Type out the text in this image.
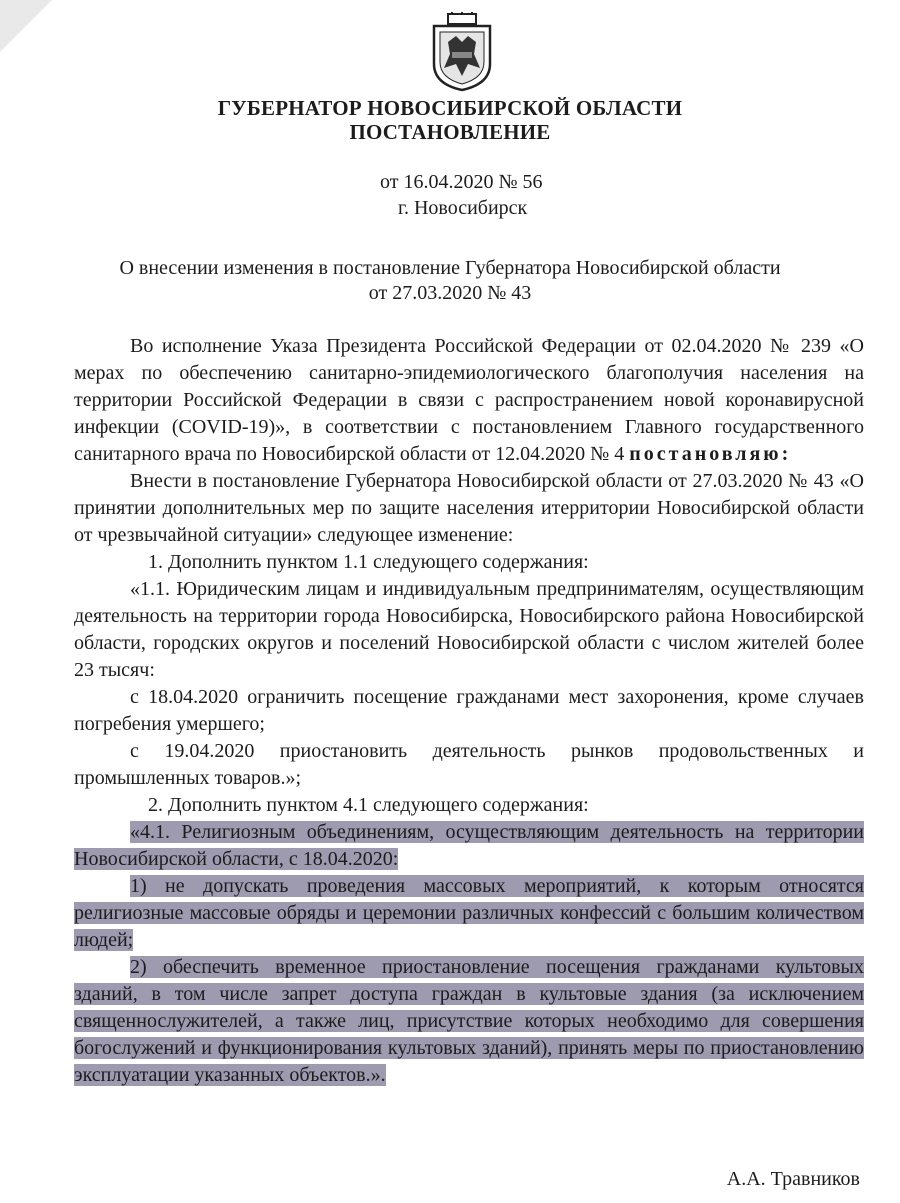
ГУБЕРНАТОР НОВОСИБИРСКОЙ ОБЛАСТИ
ПОСТАНОВЛЕНИЕ
от 16.04.2020 № 56
г. Новосибирск
О внесении изменения в постановление Губернатора Новосибирской области
от 27.03.2020 № 43
Во исполнение Указа Президента Российской Федерации от 02.04.2020 № 239 «О мерах по обеспечению санитарно-эпидемиологического благополучия населения на территории Российской Федерации в связи с распространением новой коронавирусной инфекции (COVID-19)», в соответствии с постановлением Главного государственного санитарного врача по Новосибирской области от 12.04.2020 № 4 постановляю:
Внести в постановление Губернатора Новосибирской области от 27.03.2020 № 43 «О принятии дополнительных мер по защите населения итерритории Новосибирской области от чрезвычайной ситуации» следующее изменение:
1. Дополнить пунктом 1.1 следующего содержания:
«1.1. Юридическим лицам и индивидуальным предпринимателям, осуществляющим деятельность на территории города Новосибирска, Новосибирского района Новосибирской области, городских округов и поселений Новосибирской области с числом жителей более 23 тысяч:
с 18.04.2020 ограничить посещение гражданами мест захоронения, кроме случаев погребения умершего;
с 19.04.2020 приостановить деятельность рынков продовольственных и промышленных товаров.»;
2. Дополнить пунктом 4.1 следующего содержания:
«4.1. Религиозным объединениям, осуществляющим деятельность на территории Новосибирской области, с 18.04.2020:
1) не допускать проведения массовых мероприятий, к которым относятся религиозные массовые обряды и церемонии различных конфессий с большим количеством людей;
2) обеспечить временное приостановление посещения гражданами культовых зданий, в том числе запрет доступа граждан в культовые здания (за исключением священнослужителей, а также лиц, присутствие которых необходимо для совершения богослужений и функционирования культовых зданий), принять меры по приостановлению эксплуатации указанных объектов.».
А.А. Травников
